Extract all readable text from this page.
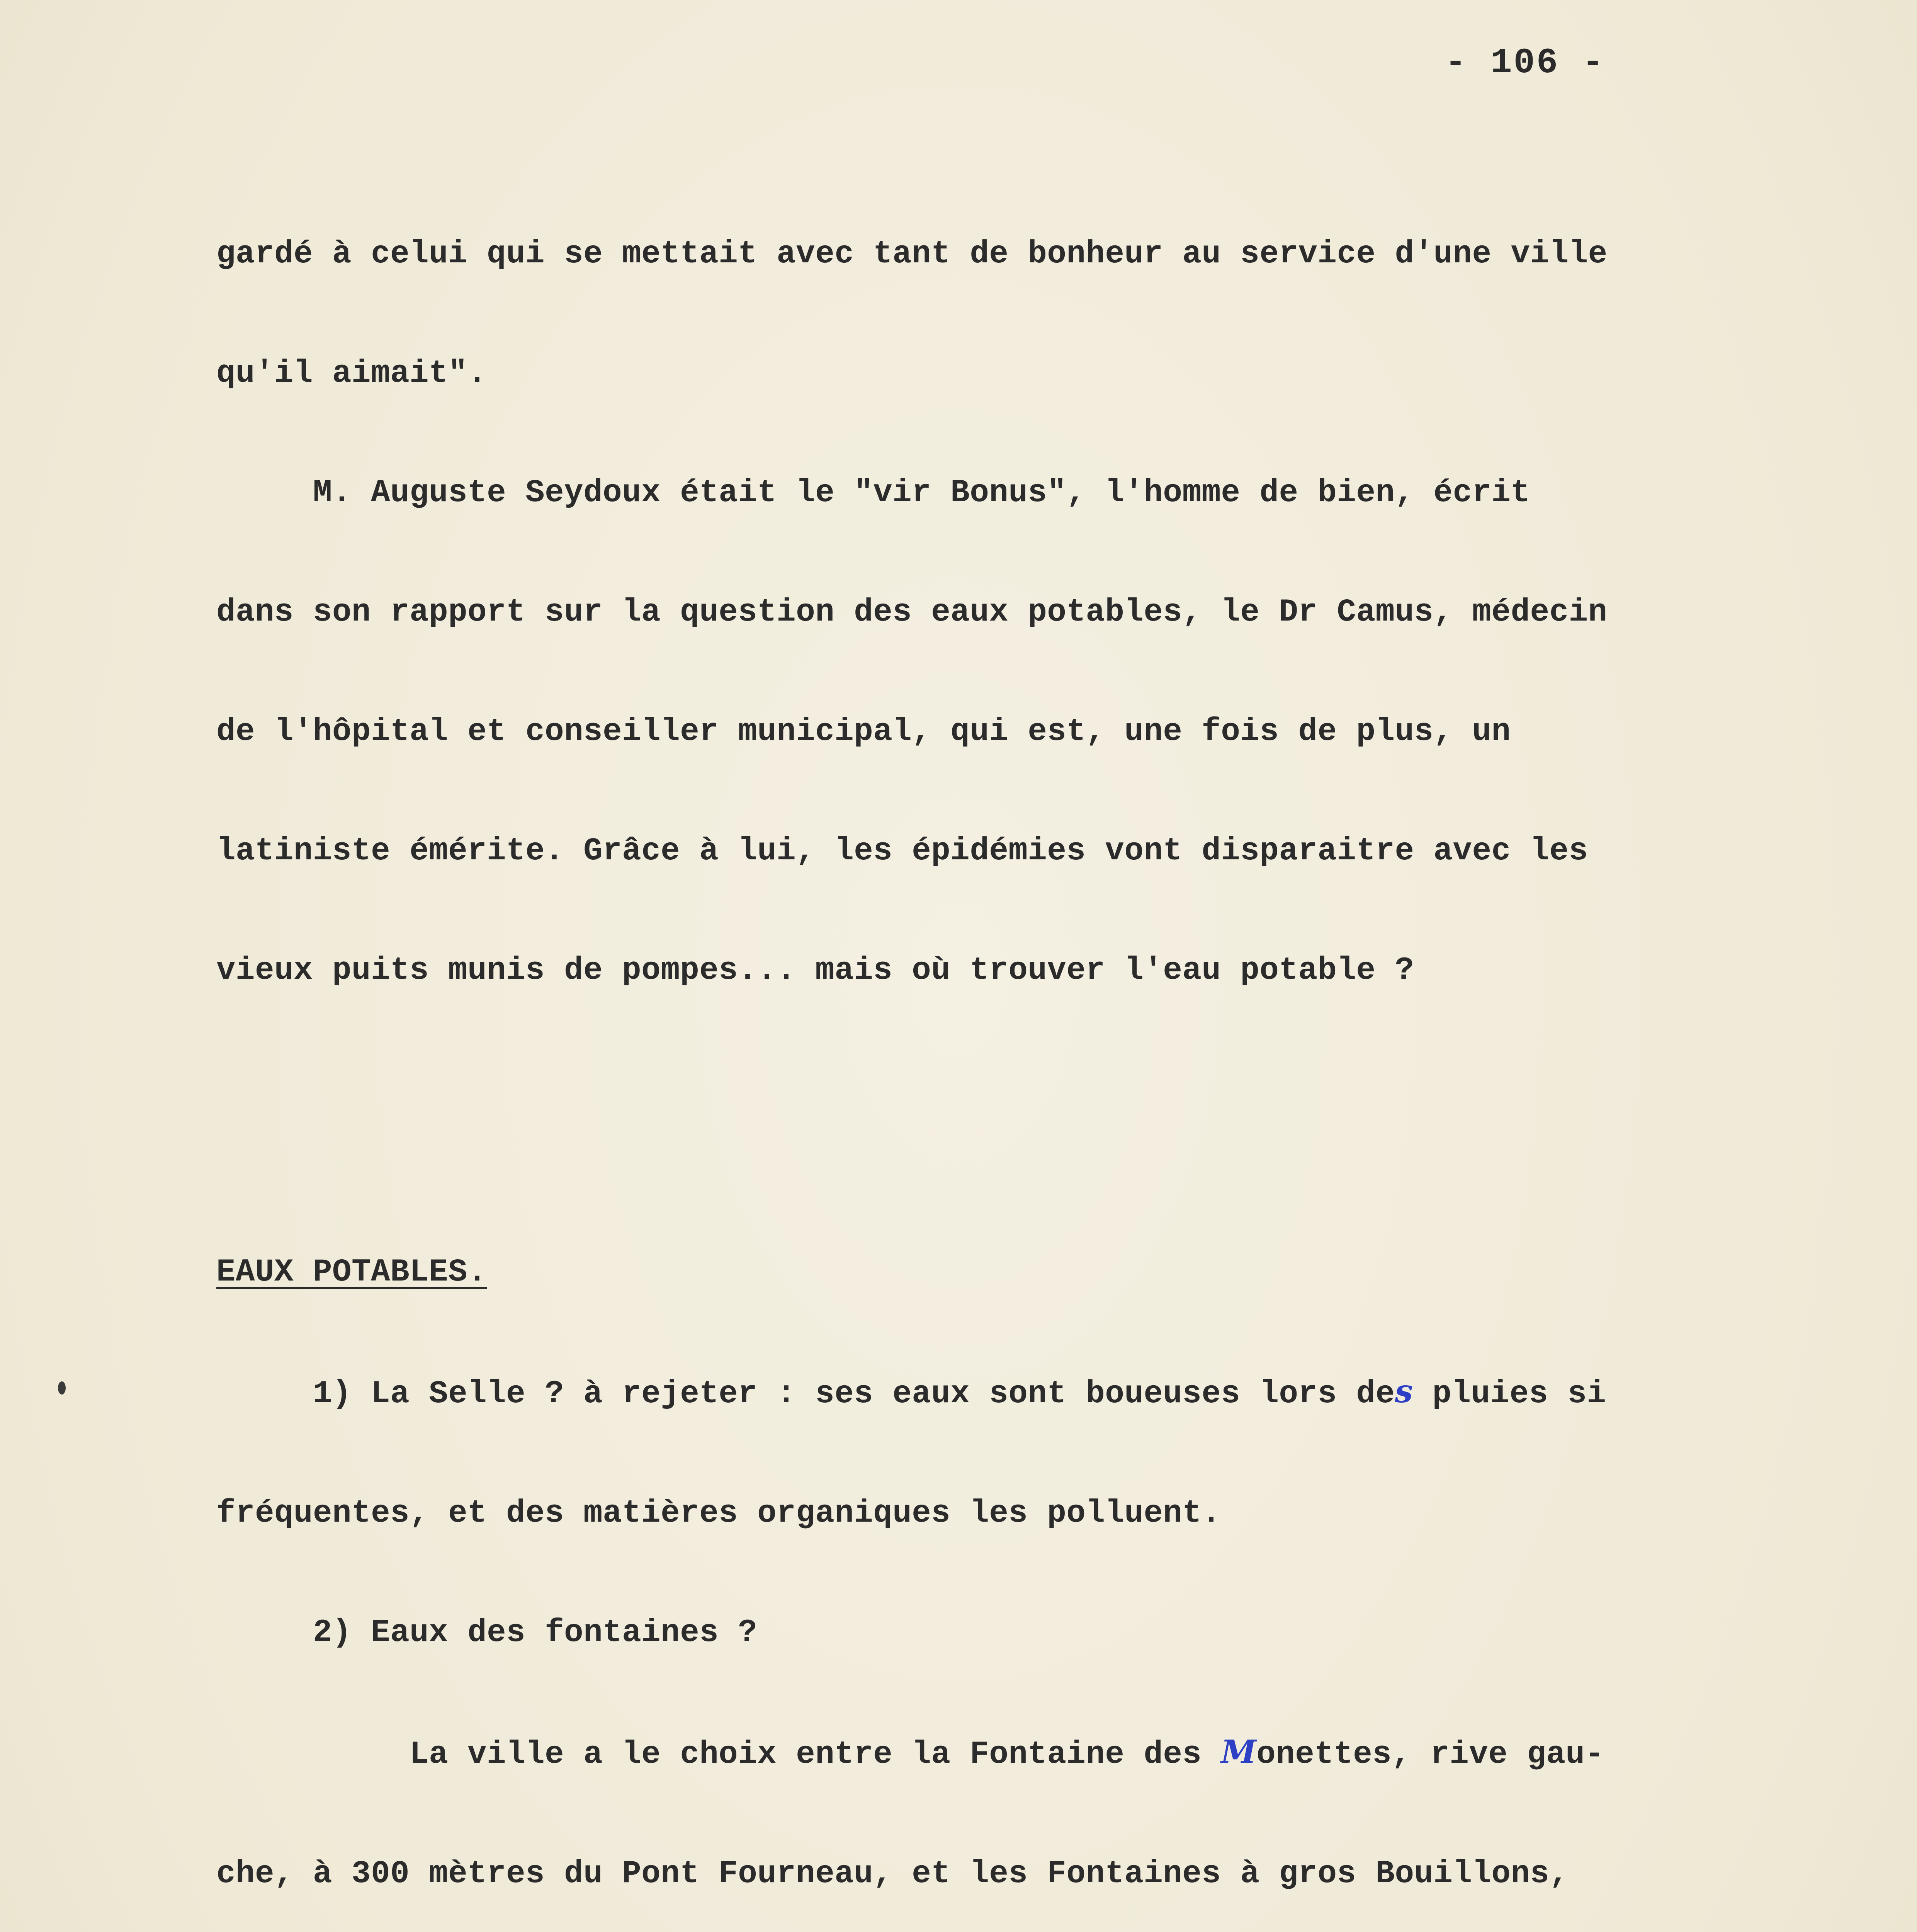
- 106 -

gardé à celui qui se mettait avec tant de bonheur au service d'une ville

qu'il aimait".

M. Auguste Seydoux était le "vir Bonus", l'homme de bien, écrit

dans son rapport sur la question des eaux potables, le Dr Camus, médecin

de l'hôpital et conseiller municipal, qui est, une fois de plus, un

latiniste émérite. Grâce à lui, les épidémies vont disparaitre avec les

vieux puits munis de pompes... mais où trouver l'eau potable ?

EAUX POTABLES.

1) La Selle ? à rejeter : ses eaux sont boueuses lors des pluies si

fréquentes, et des matières organiques les polluent.

2) Eaux des fontaines ?

La ville a le choix entre la Fontaine des Monettes, rive gau-

che, à 300 mètres du Pont Fourneau, et les Fontaines à gros Bouillons,
